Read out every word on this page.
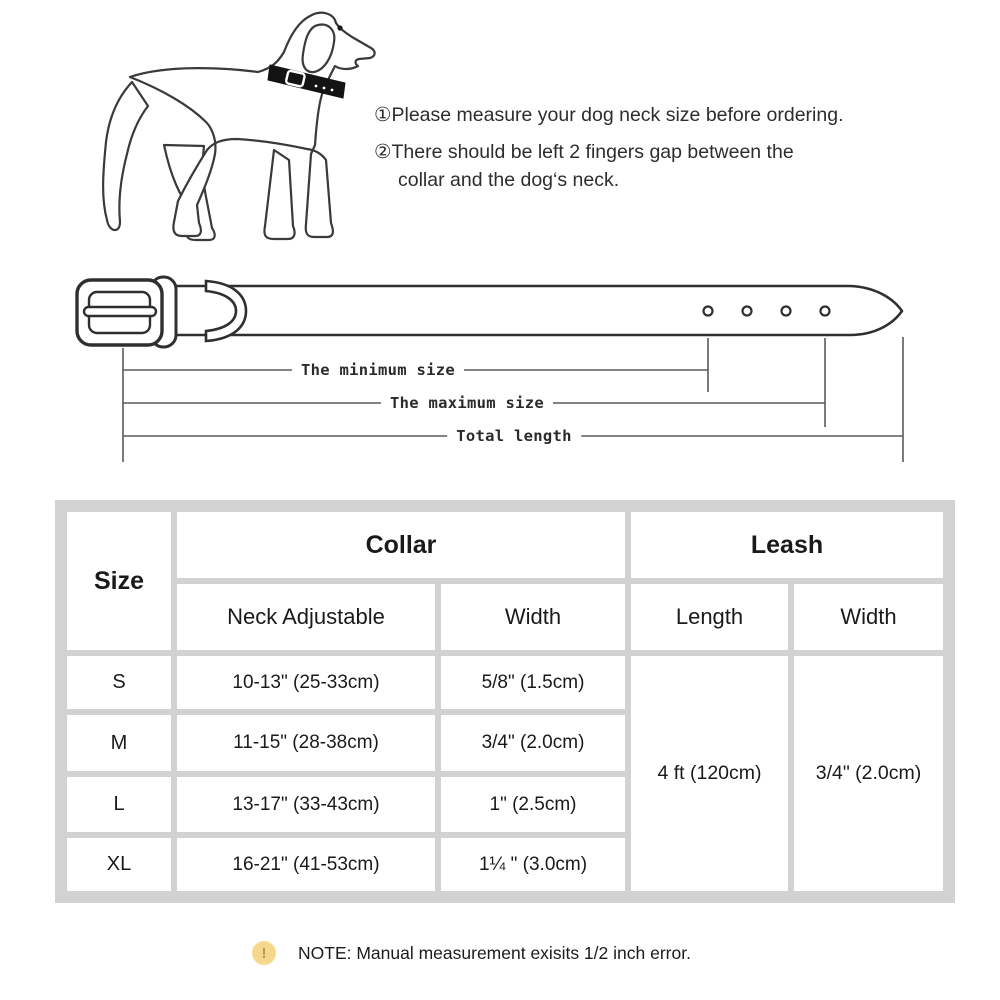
①Please measure your dog neck size before ordering.
②There should be left 2 fingers gap between the
collar and the dog‘s neck.
The minimum size
The maximum size
Total length
Size
Collar	Leash
Neck Adjustable	Width	Length	Width
S	10-13" (25-33cm)	5/8" (1.5cm)
M	11-15" (28-38cm)	3/4" (2.0cm)
L	13-17" (33-43cm)	1" (2.5cm)
XL	16-21" (41-53cm)	1¼ " (3.0cm)
4 ft (120cm)	3/4" (2.0cm)
!	NOTE: Manual measurement exisits 1/2 inch error.
